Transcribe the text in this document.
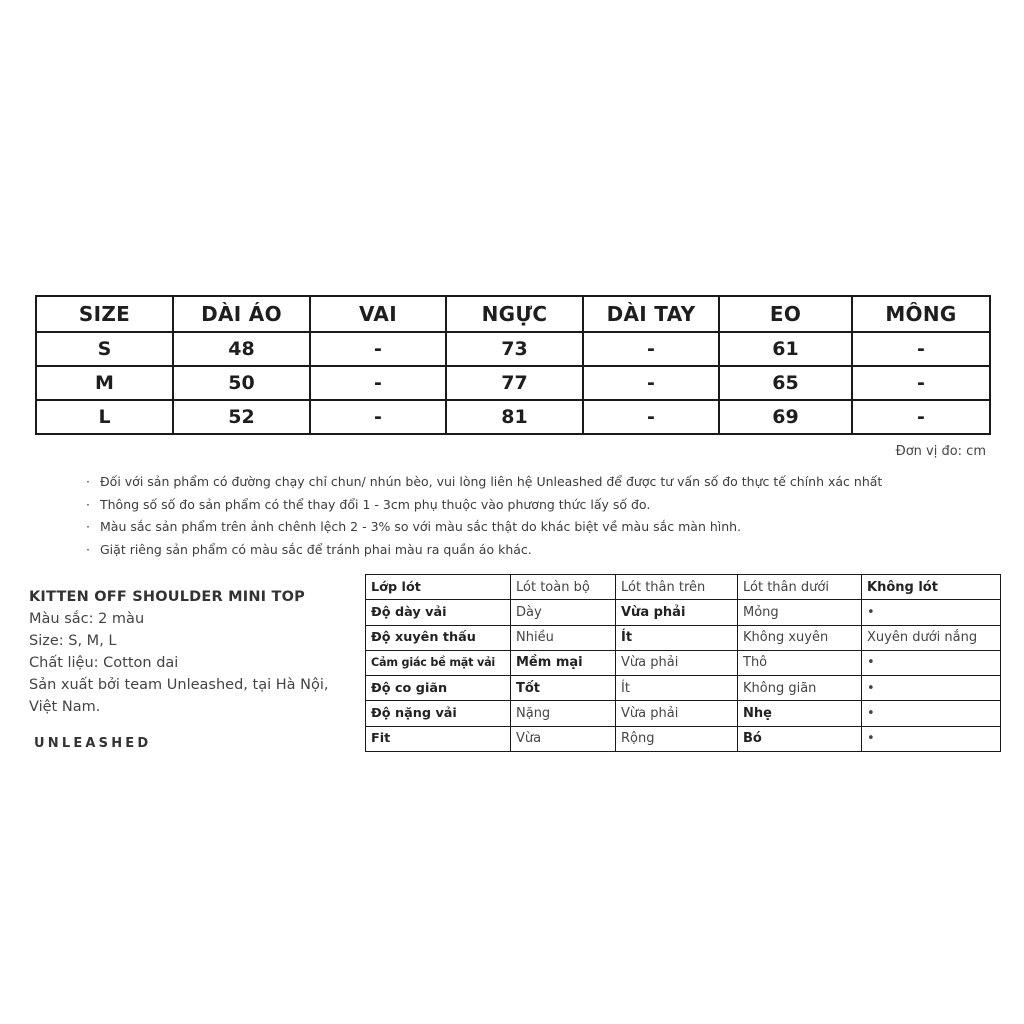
SIZE	DÀI ÁO	VAI	NGỰC	DÀI TAY	EO	MÔNG
S	48	-	73	-	61	-
M	50	-	77	-	65	-
L	52	-	81	-	69	-
Đơn vị đo: cm
· Đối với sản phẩm có đường chạy chỉ chun/ nhún bèo, vui lòng liên hệ Unleashed để được tư vấn số đo thực tế chính xác nhất
· Thông số số đo sản phẩm có thể thay đổi 1 - 3cm phụ thuộc vào phương thức lấy số đo.
· Màu sắc sản phẩm trên ảnh chênh lệch 2 - 3% so với màu sắc thật do khác biệt về màu sắc màn hình.
· Giặt riêng sản phẩm có màu sắc để tránh phai màu ra quần áo khác.
KITTEN OFF SHOULDER MINI TOP
Màu sắc: 2 màu
Size: S, M, L
Chất liệu: Cotton dai
Sản xuất bởi team Unleashed, tại Hà Nội,
Việt Nam.
UNLEASHED
Lớp lót	Lót toàn bộ	Lót thân trên	Lót thân dưới	Không lót
Độ dày vải	Dày	Vừa phải	Mỏng	•
Độ xuyên thấu	Nhiều	Ít	Không xuyên	Xuyên dưới nắng
Cảm giác bề mặt vải	Mềm mại	Vừa phải	Thô	•
Độ co giãn	Tốt	Ít	Không giãn	•
Độ nặng vải	Nặng	Vừa phải	Nhẹ	•
Fit	Vừa	Rộng	Bó	•
